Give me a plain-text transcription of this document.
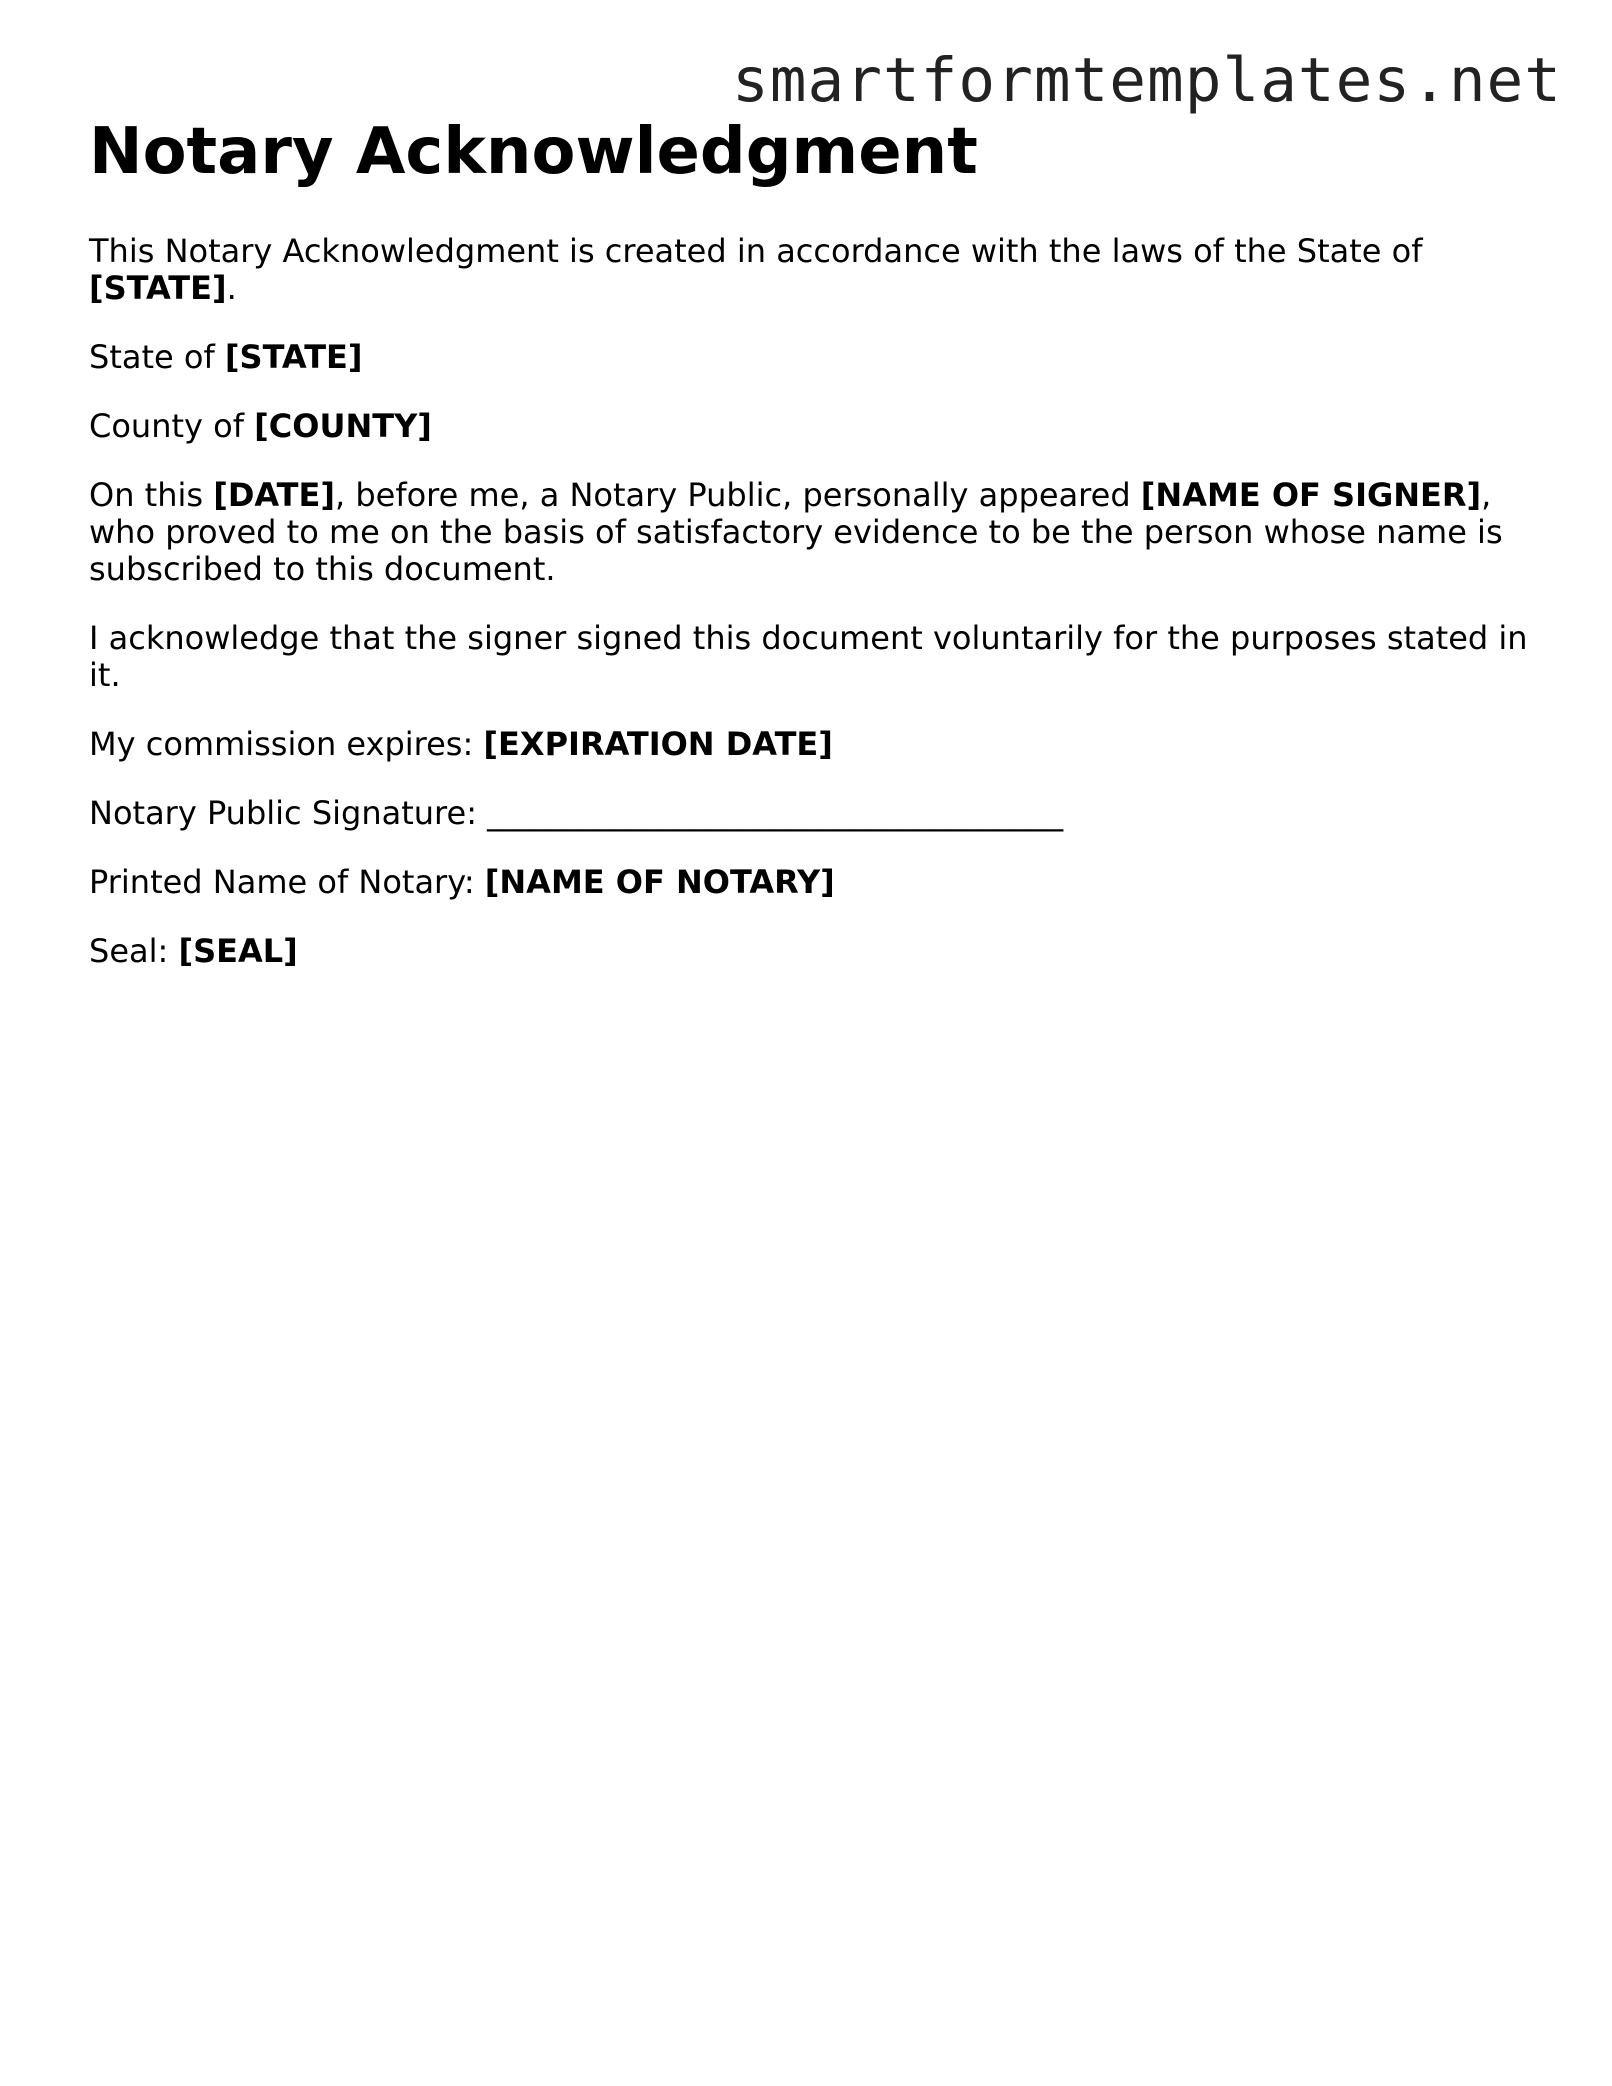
smartformtemplates.net
Notary Acknowledgment

This Notary Acknowledgment is created in accordance with the laws of the State of [STATE].

State of [STATE]

County of [COUNTY]

On this [DATE], before me, a Notary Public, personally appeared [NAME OF SIGNER], who proved to me on the basis of satisfactory evidence to be the person whose name is subscribed to this document.

I acknowledge that the signer signed this document voluntarily for the purposes stated in it.

My commission expires: [EXPIRATION DATE]

Notary Public Signature: ____________________________________

Printed Name of Notary: [NAME OF NOTARY]

Seal: [SEAL]
